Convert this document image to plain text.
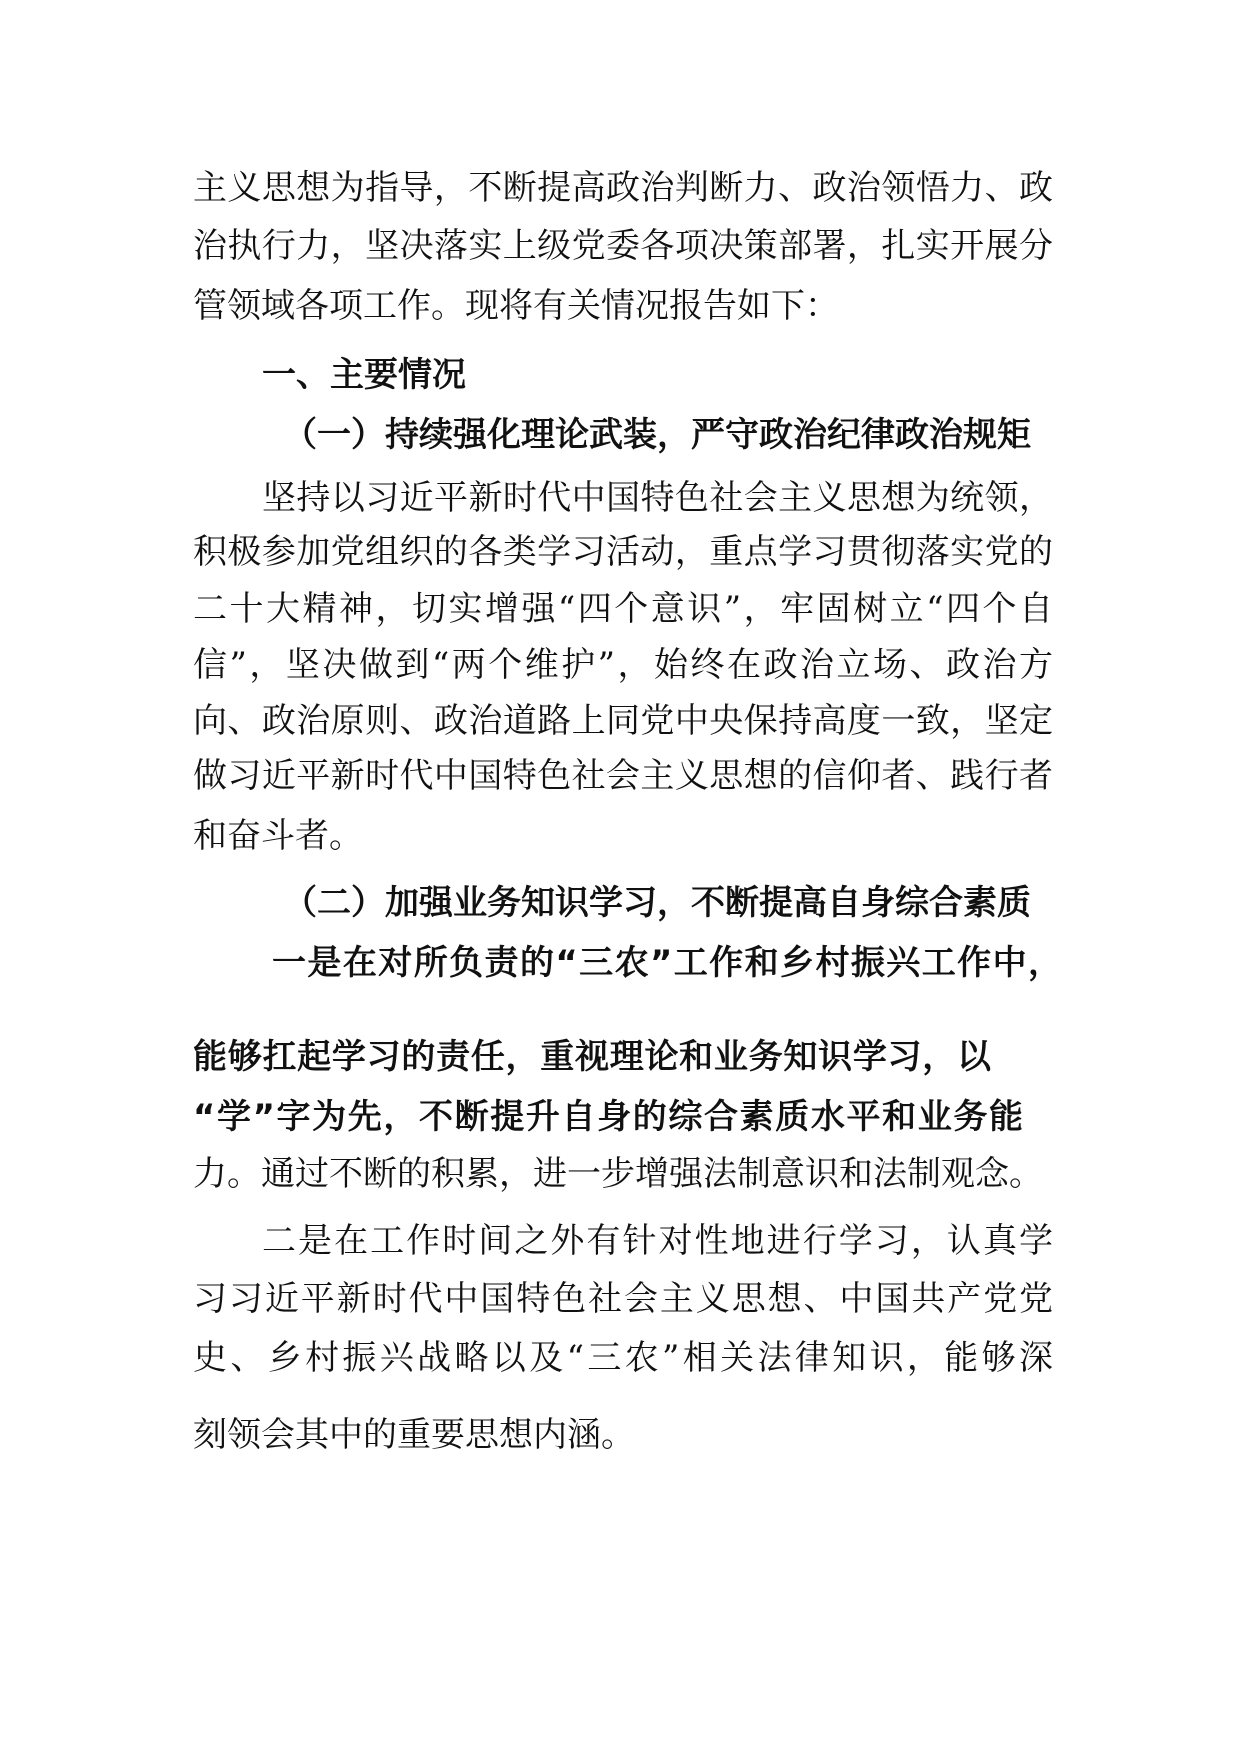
主义思想为指导，不断提高政治判断力、政治领悟力、政
治执行力，坚决落实上级党委各项决策部署，扎实开展分
管领域各项工作。现将有关情况报告如下：
一、主要情况
（一）持续强化理论武装，严守政治纪律政治规矩
坚持以习近平新时代中国特色社会主义思想为统领，
积极参加党组织的各类学习活动，重点学习贯彻落实党的
二十大精神，切实增强“四个意识”，牢固树立“四个自
信”，坚决做到“两个维护”，始终在政治立场、政治方
向、政治原则、政治道路上同党中央保持高度一致，坚定
做习近平新时代中国特色社会主义思想的信仰者、践行者
和奋斗者。
（二）加强业务知识学习，不断提高自身综合素质
一是在对所负责的“三农”工作和乡村振兴工作中，
能够扛起学习的责任，重视理论和业务知识学习，以
“学”字为先，不断提升自身的综合素质水平和业务能
力。通过不断的积累，进一步增强法制意识和法制观念。
二是在工作时间之外有针对性地进行学习，认真学
习习近平新时代中国特色社会主义思想、中国共产党党
史、乡村振兴战略以及“三农”相关法律知识，能够深
刻领会其中的重要思想内涵。
